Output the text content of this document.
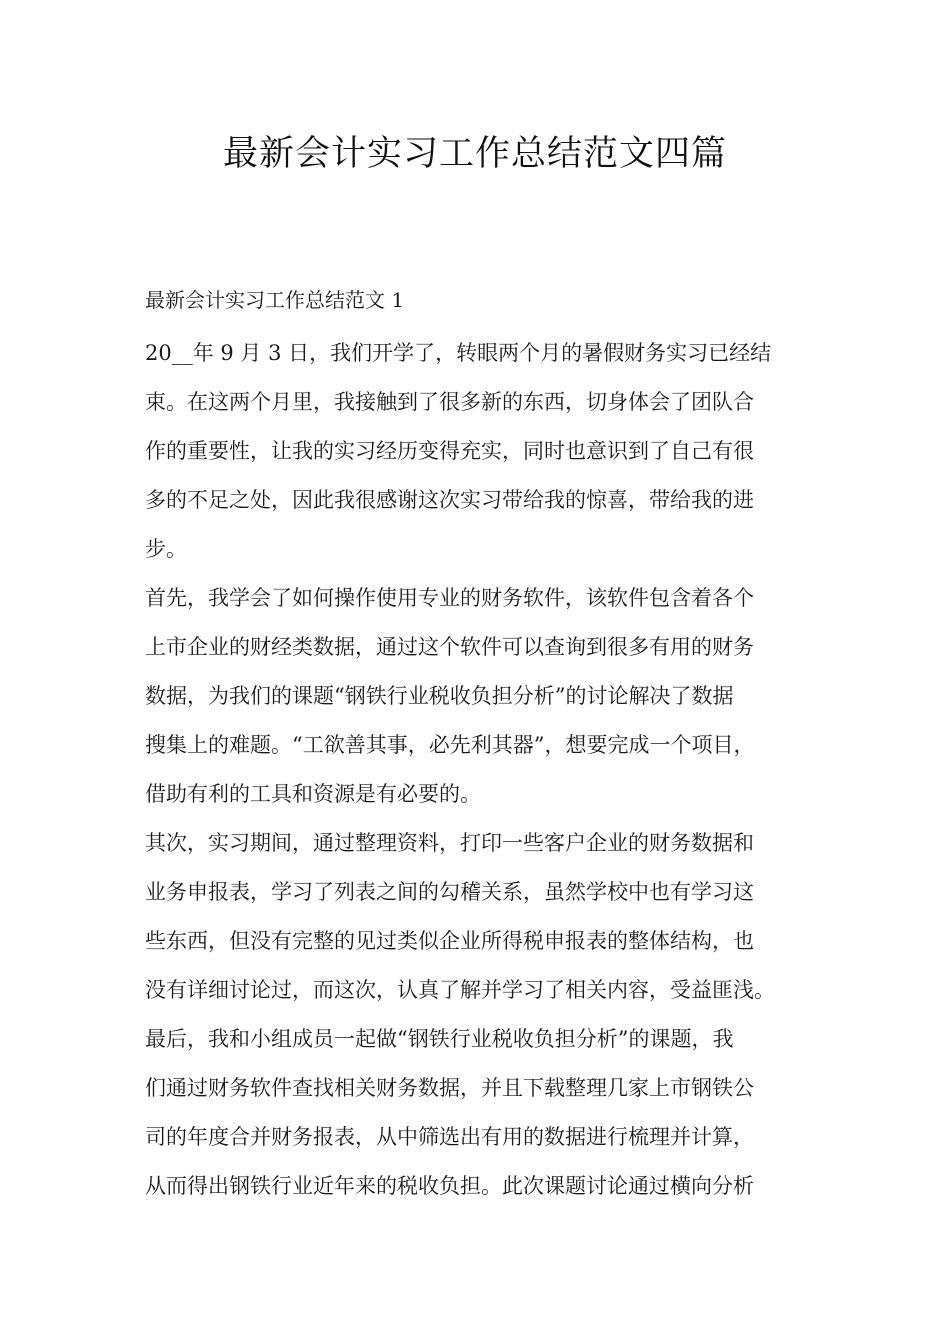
最新会计实习工作总结范文四篇
最新会计实习工作总结范文 1
20__年 9 月 3 日，我们开学了，转眼两个月的暑假财务实习已经结
束。在这两个月里，我接触到了很多新的东西，切身体会了团队合
作的重要性，让我的实习经历变得充实，同时也意识到了自己有很
多的不足之处，因此我很感谢这次实习带给我的惊喜，带给我的进
步。
首先，我学会了如何操作使用专业的财务软件，该软件包含着各个
上市企业的财经类数据，通过这个软件可以查询到很多有用的财务
数据，为我们的课题“钢铁行业税收负担分析”的讨论解决了数据
搜集上的难题。“工欲善其事，必先利其器”，想要完成一个项目，
借助有利的工具和资源是有必要的。
其次，实习期间，通过整理资料，打印一些客户企业的财务数据和
业务申报表，学习了列表之间的勾稽关系，虽然学校中也有学习这
些东西，但没有完整的见过类似企业所得税申报表的整体结构，也
没有详细讨论过，而这次，认真了解并学习了相关内容，受益匪浅。
最后，我和小组成员一起做“钢铁行业税收负担分析”的课题，我
们通过财务软件查找相关财务数据，并且下载整理几家上市钢铁公
司的年度合并财务报表，从中筛选出有用的数据进行梳理并计算，
从而得出钢铁行业近年来的税收负担。此次课题讨论通过横向分析
